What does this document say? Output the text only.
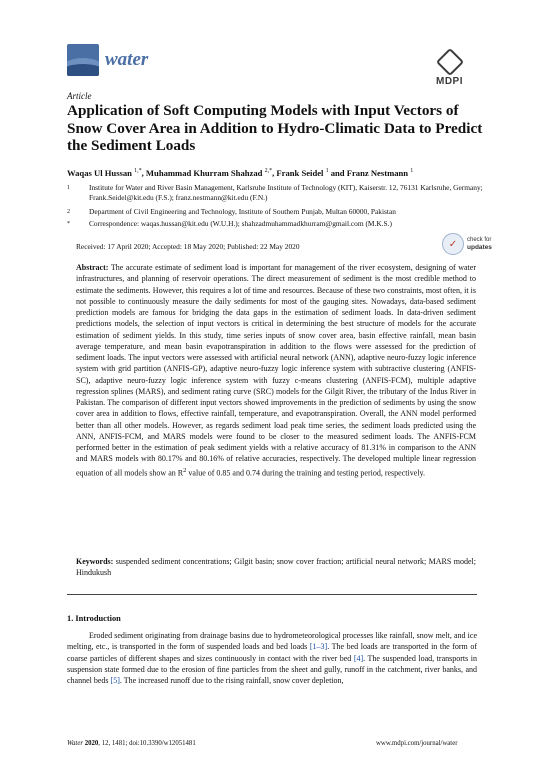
water
MDPI
Article
Application of Soft Computing Models with Input Vectors of Snow Cover Area in Addition to Hydro-Climatic Data to Predict the Sediment Loads
Waqas Ul Hussan $^{1,*}$, Muhammad Khurram Shahzad $^{2,*}$, Frank Seidel $^1$ and Franz Nestmann $^1$
1	Institute for Water and River Basin Management, Karlsruhe Institute of Technology (KIT), Kaiserstr. 12, 76131 Karlsruhe, Germany; Frank.Seidel@kit.edu (F.S.); franz.nestmann@kit.edu (F.N.)
2	Department of Civil Engineering and Technology, Institute of Southern Punjab, Multan 60000, Pakistan
*	Correspondence: waqas.hussan@kit.edu (W.U.H.); shahzadmuhammadkhurram@gmail.com (M.K.S.)
Received: 17 April 2020; Accepted: 18 May 2020; Published: 22 May 2020	✓	check for
updates

Abstract: The accurate estimate of sediment load is important for management of the river ecosystem, designing of water infrastructures, and planning of reservoir operations. The direct measurement of sediment is the most credible method to estimate the sediments. However, this requires a lot of time and resources. Because of these two constraints, most often, it is not possible to continuously measure the daily sediments for most of the gauging sites. Nowadays, data-based sediment prediction models are famous for bridging the data gaps in the estimation of sediment loads. In data-driven sediment predictions models, the selection of input vectors is critical in determining the best structure of models for the accurate estimation of sediment yields. In this study, time series inputs of snow cover area, basin effective rainfall, mean basin average temperature, and mean basin evapotranspiration in addition to the flows were assessed for the prediction of sediment loads. The input vectors were assessed with artificial neural network (ANN), adaptive neuro-fuzzy logic inference system with grid partition (ANFIS-GP), adaptive neuro-fuzzy logic inference system with subtractive clustering (ANFIS-SC), adaptive neuro-fuzzy logic inference system with fuzzy c-means clustering (ANFIS-FCM), multiple adaptive regression splines (MARS), and sediment rating curve (SRC) models for the Gilgit River, the tributary of the Indus River in Pakistan. The comparison of different input vectors showed improvements in the prediction of sediments by using the snow cover area in addition to flows, effective rainfall, temperature, and evapotranspiration. Overall, the ANN model performed better than all other models. However, as regards sediment load peak time series, the sediment loads predicted using the ANN, ANFIS-FCM, and MARS models were found to be closer to the measured sediment loads. The ANFIS-FCM performed better in the estimation of peak sediment yields with a relative accuracy of 81.31% in comparison to the ANN and MARS models with 80.17% and 80.16% of relative accuracies, respectively. The developed multiple linear regression equation of all models show an $R^2$ value of 0.85 and 0.74 during the training and testing period, respectively.

Keywords: suspended sediment concentrations; Gilgit basin; snow cover fraction; artificial neural network; MARS model; Hindukush

1. Introduction

Eroded sediment originating from drainage basins due to hydrometeorological processes like rainfall, snow melt, and ice melting, etc., is transported in the form of suspended loads and bed loads [1–3]. The bed loads are transported in the form of coarse particles of different shapes and sizes continuously in contact with the river bed [4]. The suspended load, transports in suspension state formed due to the erosion of fine particles from the sheet and gully, runoff in the catchment, river banks, and channel beds [5]. The increased runoff due to the rising rainfall, snow cover depletion,

Water 2020, 12, 1481; doi:10.3390/w12051481	www.mdpi.com/journal/water
